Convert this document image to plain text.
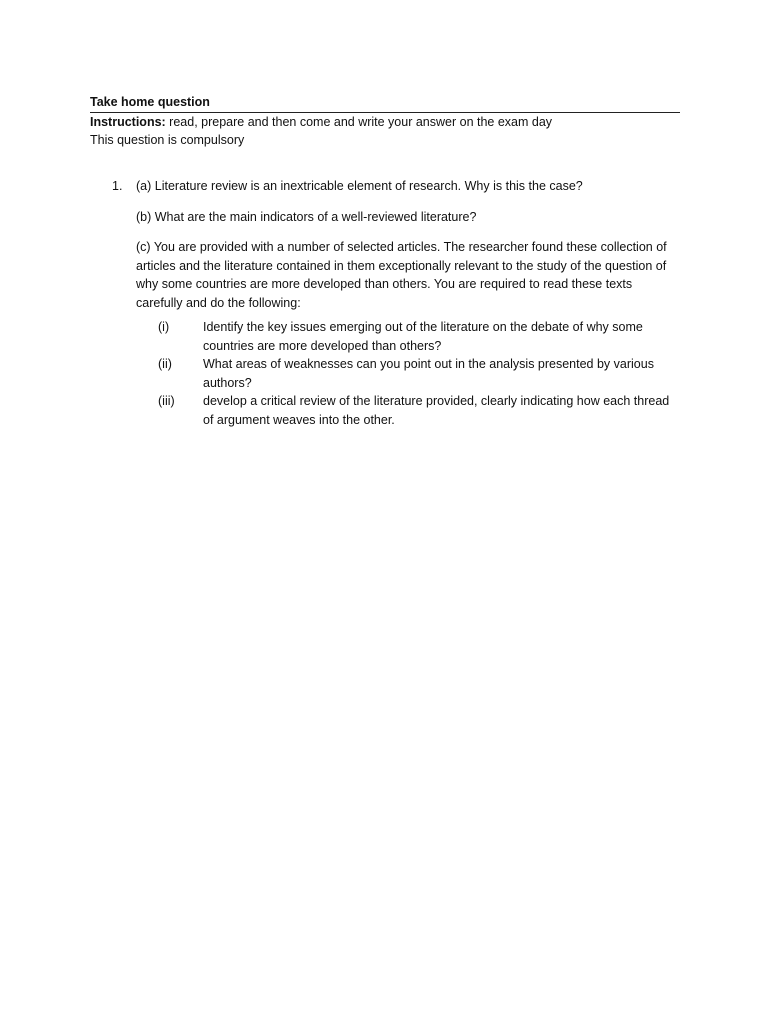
Take home question

Instructions: read, prepare and then come and write your answer on the exam day

This question is compulsory

1. (a) Literature review is an inextricable element of research. Why is this the case?

(b) What are the main indicators of a well-reviewed literature?

(c) You are provided with a number of selected articles. The researcher found these collection of articles and the literature contained in them exceptionally relevant to the study of the question of why some countries are more developed than others. You are required to read these texts carefully and do the following:

(i)	Identify the key issues emerging out of the literature on the debate of why some countries are more developed than others?
(ii) What areas of weaknesses can you point out in the analysis presented by various authors?
(iii) develop a critical review of the literature provided, clearly indicating how each thread of argument weaves into the other.
